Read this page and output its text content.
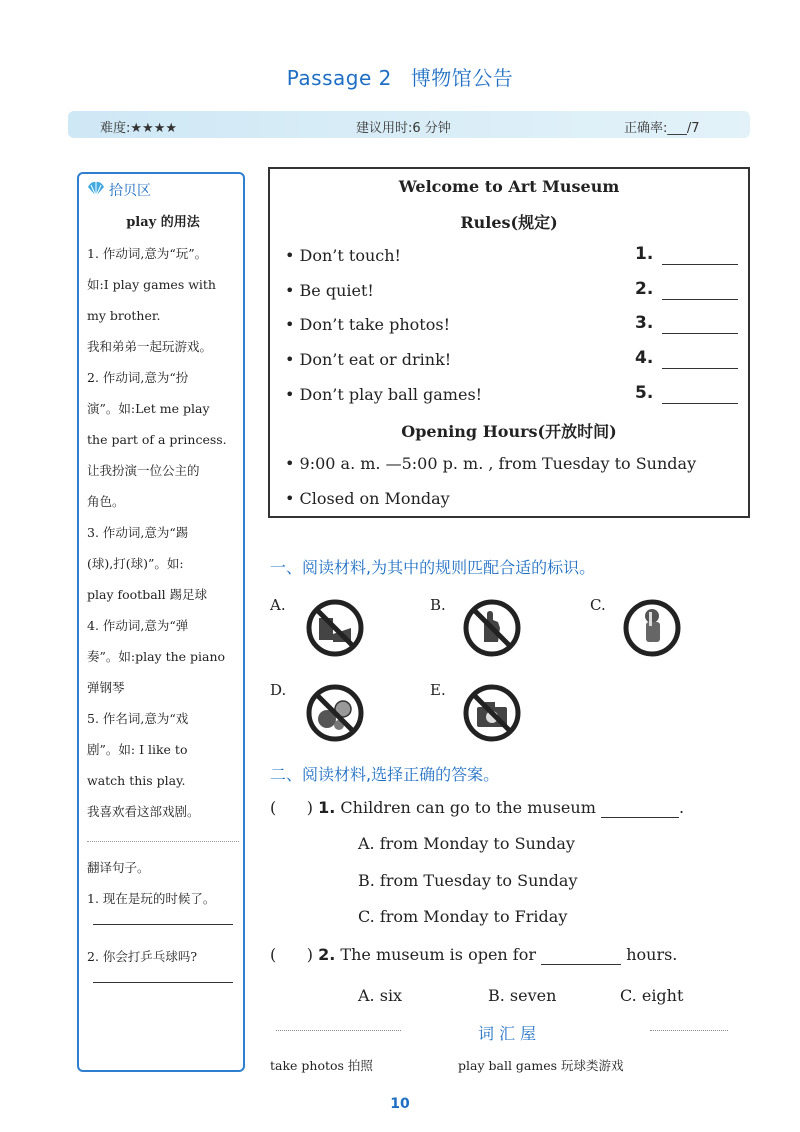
Passage 2 博物馆公告
难度:★★★★	建议用时:6 分钟	正确率:___/7
拾贝区
play 的用法
1. 作动词,意为“玩”。
如:I play games with
my brother.
我和弟弟一起玩游戏。
2. 作动词,意为“扮
演”。如:Let me play
the part of a princess.
让我扮演一位公主的
角色。
3. 作动词,意为“踢
(球),打(球)”。如:
play football 踢足球
4. 作动词,意为“弹
奏”。如:play the piano
弹钢琴
5. 作名词,意为“戏
剧”。如: I like to
watch this play.
我喜欢看这部戏剧。
翻译句子。
1. 现在是玩的时候了。
2. 你会打乒乓球吗?
Welcome to Art Museum
Rules(规定)
• Don’t touch!	1.
• Be quiet!	2.
• Don’t take photos!	3.
• Don’t eat or drink!	4.
• Don’t play ball games!	5.
Opening Hours(开放时间)
• 9:00 a. m. —5:00 p. m. , from Tuesday to Sunday
• Closed on Monday
一、阅读材料,为其中的规则匹配合适的标识。
A.	B.	C.
D.	E.
二、阅读材料,选择正确的答案。
(      ) 1. Children can go to the museum	.
A. from Monday to Sunday
B. from Tuesday to Sunday
C. from Monday to Friday
(      ) 2. The museum is open for	hours.
A. six	B. seven	C. eight
词 汇 屋
take photos 拍照	play ball games 玩球类游戏
10
